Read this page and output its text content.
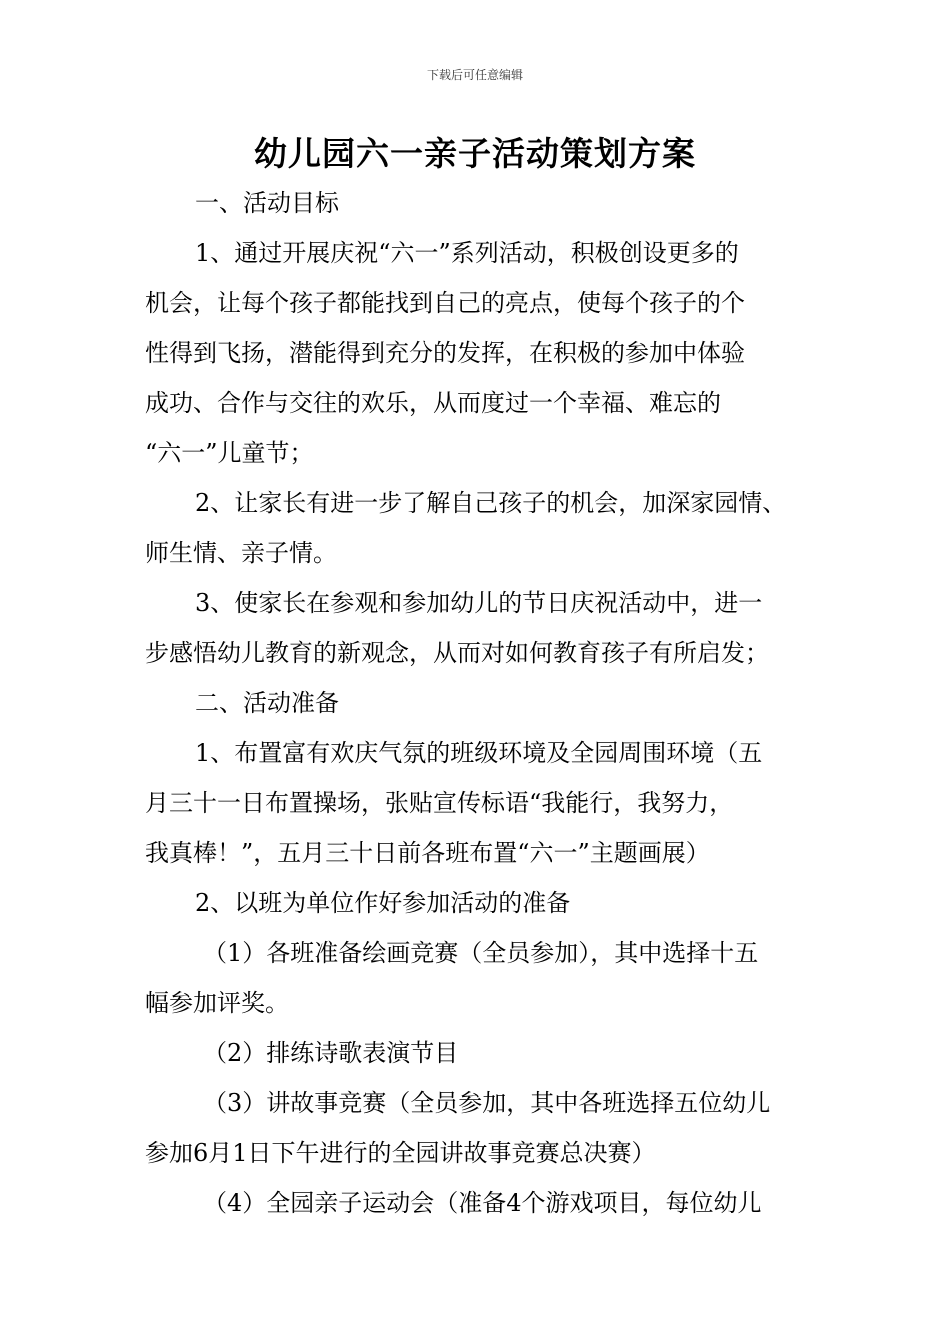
下载后可任意编辑
幼儿园六一亲子活动策划方案
一、活动目标
1、通过开展庆祝“六一”系列活动，积极创设更多的
机会，让每个孩子都能找到自己的亮点，使每个孩子的个
性得到飞扬，潜能得到充分的发挥，在积极的参加中体验
成功、合作与交往的欢乐，从而度过一个幸福、难忘的
“六一”儿童节；
2、让家长有进一步了解自己孩子的机会，加深家园情、
师生情、亲子情。
3、使家长在参观和参加幼儿的节日庆祝活动中，进一
步感悟幼儿教育的新观念，从而对如何教育孩子有所启发；
二、活动准备
1、布置富有欢庆气氛的班级环境及全园周围环境（五
月三十一日布置操场，张贴宣传标语“我能行，我努力，
我真棒！”，五月三十日前各班布置“六一”主题画展）
2、以班为单位作好参加活动的准备
（1）各班准备绘画竞赛（全员参加），其中选择十五
幅参加评奖。
（2）排练诗歌表演节目
（3）讲故事竞赛（全员参加，其中各班选择五位幼儿
参加6月1日下午进行的全园讲故事竞赛总决赛）
（4）全园亲子运动会（准备4个游戏项目，每位幼儿
